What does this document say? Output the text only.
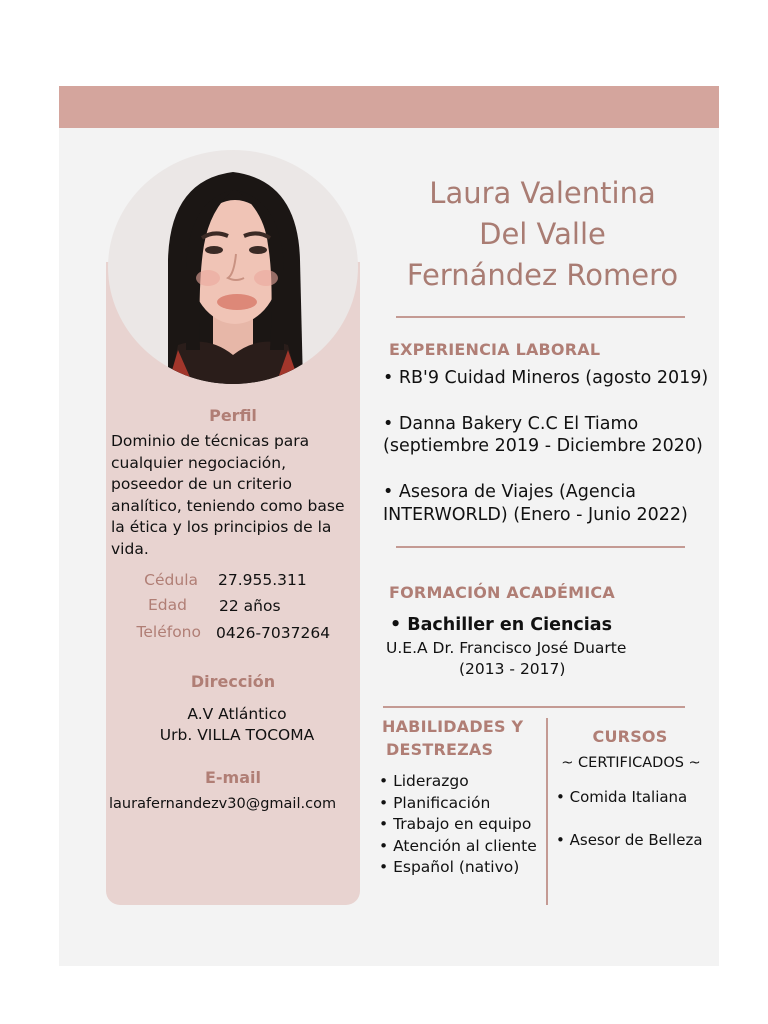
Laura Valentina
Del Valle
Fernández Romero
Perfil
Dominio de técnicas para cualquier negociación, poseedor de un criterio analítico, teniendo como base la ética y los principios de la vida.
Cédula 27.955.311
Edad 22 años
Teléfono 0426-7037264
Dirección
A.V Atlántico
Urb. VILLA TOCOMA
E-mail
laurafernandezv30@gmail.com
EXPERIENCIA LABORAL
• RB'9 Cuidad Mineros (agosto 2019)
• Danna Bakery C.C El Tiamo
(septiembre 2019 - Diciembre 2020)
• Asesora de Viajes (Agencia
INTERWORLD) (Enero - Junio 2022)
FORMACIÓN ACADÉMICA
• Bachiller en Ciencias
U.E.A Dr. Francisco José Duarte
(2013 - 2017)
HABILIDADES Y
DESTREZAS
• Liderazgo
• Planificación
• Trabajo en equipo
• Atención al cliente
• Español (nativo)
CURSOS
~ CERTIFICADOS ~
• Comida Italiana
• Asesor de Belleza
